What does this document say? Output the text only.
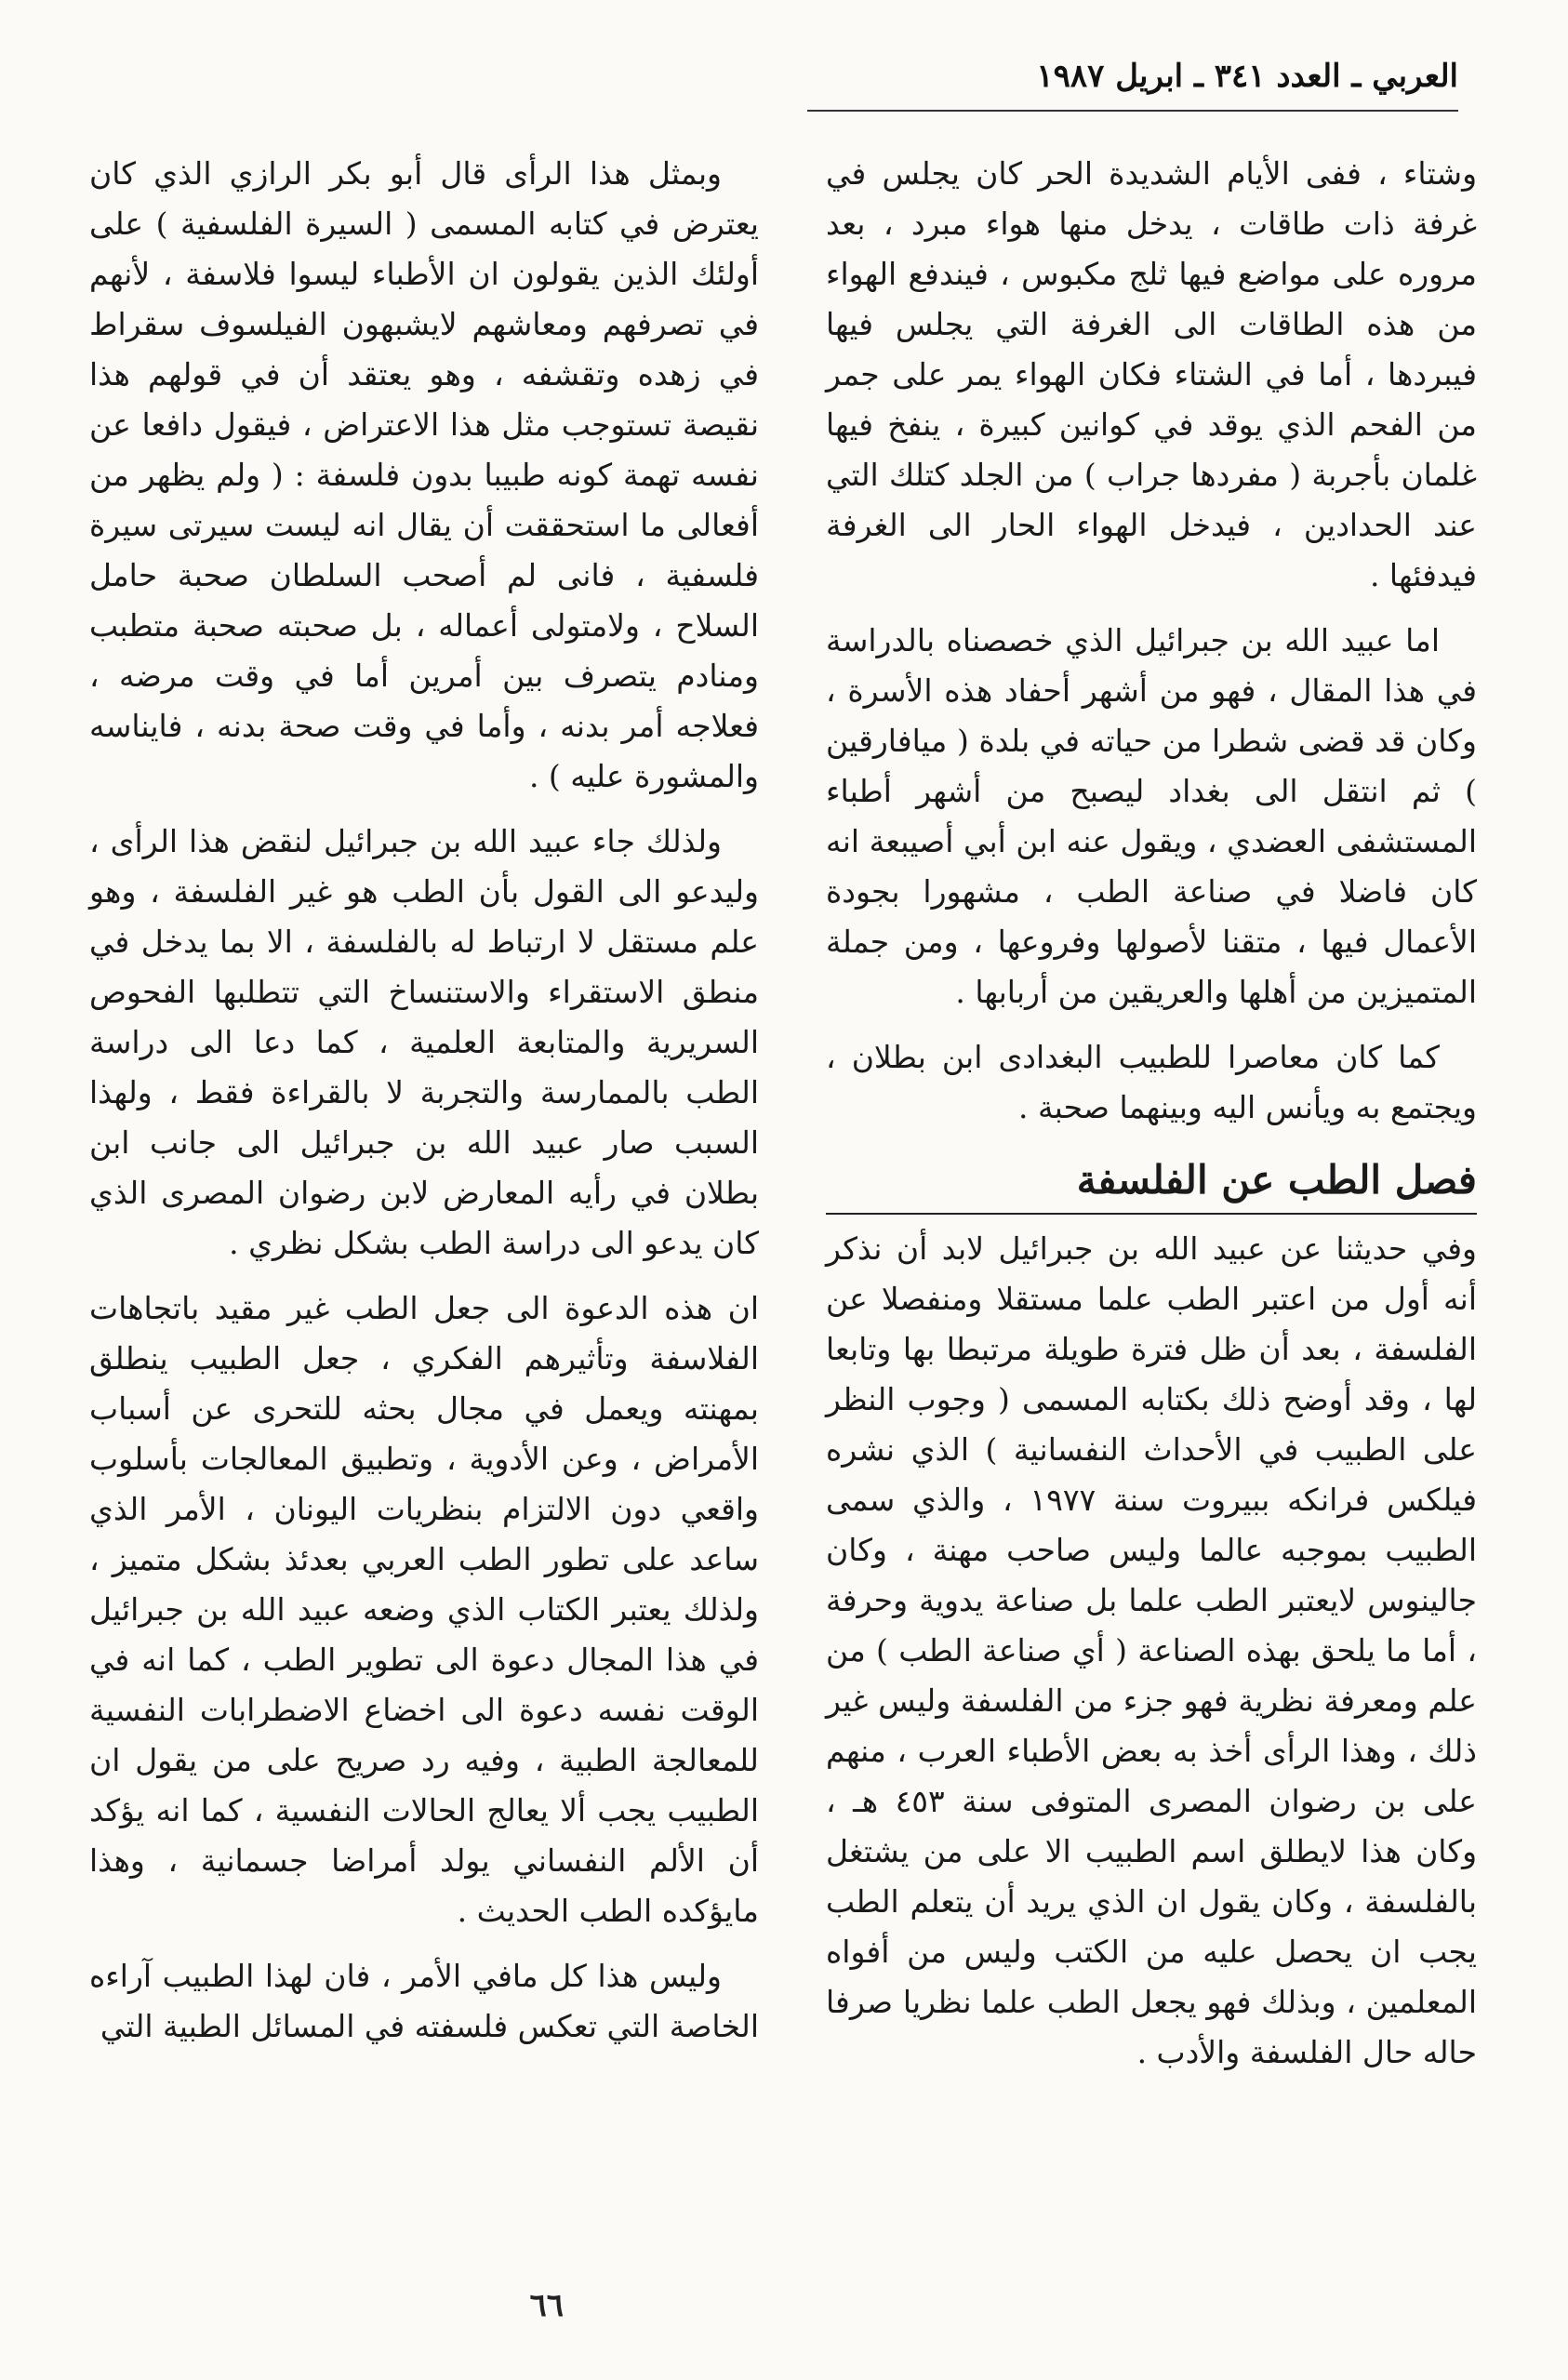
العربي ـ العدد ٣٤١ ـ ابريل ١٩٨٧

وشتاء ، ففى الأيام الشديدة الحر كان يجلس في غرفة ذات طاقات ، يدخل منها هواء مبرد ، بعد مروره على مواضع فيها ثلج مكبوس ، فيندفع الهواء من هذه الطاقات الى الغرفة التي يجلس فيها فيبردها ، أما في الشتاء فكان الهواء يمر على جمر من الفحم الذي يوقد في كوانين كبيرة ، ينفخ فيها غلمان بأجربة ( مفردها جراب ) من الجلد كتلك التي عند الحدادين ، فيدخل الهواء الحار الى الغرفة فيدفئها .

اما عبيد الله بن جبرائيل الذي خصصناه بالدراسة في هذا المقال ، فهو من أشهر أحفاد هذه الأسرة ، وكان قد قضى شطرا من حياته في بلدة ( ميافارقين ) ثم انتقل الى بغداد ليصبح من أشهر أطباء المستشفى العضدي ، ويقول عنه ابن أبي أصيبعة انه كان فاضلا في صناعة الطب ، مشهورا بجودة الأعمال فيها ، متقنا لأصولها وفروعها ، ومن جملة المتميزين من أهلها والعريقين من أربابها .

كما كان معاصرا للطبيب البغدادى ابن بطلان ، ويجتمع به ويأنس اليه وبينهما صحبة .

فصل الطب عن الفلسفة

وفي حديثنا عن عبيد الله بن جبرائيل لابد أن نذكر أنه أول من اعتبر الطب علما مستقلا ومنفصلا عن الفلسفة ، بعد أن ظل فترة طويلة مرتبطا بها وتابعا لها ، وقد أوضح ذلك بكتابه المسمى ( وجوب النظر على الطبيب في الأحداث النفسانية ) الذي نشره فيلكس فرانكه ببيروت سنة ١٩٧٧ ، والذي سمى الطبيب بموجبه عالما وليس صاحب مهنة ، وكان جالينوس لايعتبر الطب علما بل صناعة يدوية وحرفة ، أما ما يلحق بهذه الصناعة ( أي صناعة الطب ) من علم ومعرفة نظرية فهو جزء من الفلسفة وليس غير ذلك ، وهذا الرأى أخذ به بعض الأطباء العرب ، منهم على بن رضوان المصرى المتوفى سنة ٤٥٣ هـ ، وكان هذا لايطلق اسم الطبيب الا على من يشتغل بالفلسفة ، وكان يقول ان الذي يريد أن يتعلم الطب يجب ان يحصل عليه من الكتب وليس من أفواه المعلمين ، وبذلك فهو يجعل الطب علما نظريا صرفا حاله حال الفلسفة والأدب .

وبمثل هذا الرأى قال أبو بكر الرازي الذي كان يعترض في كتابه المسمى ( السيرة الفلسفية ) على أولئك الذين يقولون ان الأطباء ليسوا فلاسفة ، لأنهم في تصرفهم ومعاشهم لايشبهون الفيلسوف سقراط في زهده وتقشفه ، وهو يعتقد أن في قولهم هذا نقيصة تستوجب مثل هذا الاعتراض ، فيقول دافعا عن نفسه تهمة كونه طبيبا بدون فلسفة : ( ولم يظهر من أفعالى ما استحققت أن يقال انه ليست سيرتى سيرة فلسفية ، فانى لم أصحب السلطان صحبة حامل السلاح ، ولامتولى أعماله ، بل صحبته صحبة متطبب ومنادم يتصرف بين أمرين أما في وقت مرضه ، فعلاجه أمر بدنه ، وأما في وقت صحة بدنه ، فايناسه والمشورة عليه ) .

ولذلك جاء عبيد الله بن جبرائيل لنقض هذا الرأى ، وليدعو الى القول بأن الطب هو غير الفلسفة ، وهو علم مستقل لا ارتباط له بالفلسفة ، الا بما يدخل في منطق الاستقراء والاستنساخ التي تتطلبها الفحوص السريرية والمتابعة العلمية ، كما دعا الى دراسة الطب بالممارسة والتجربة لا بالقراءة فقط ، ولهذا السبب صار عبيد الله بن جبرائيل الى جانب ابن بطلان في رأيه المعارض لابن رضوان المصرى الذي كان يدعو الى دراسة الطب بشكل نظري .

ان هذه الدعوة الى جعل الطب غير مقيد باتجاهات الفلاسفة وتأثيرهم الفكري ، جعل الطبيب ينطلق بمهنته ويعمل في مجال بحثه للتحرى عن أسباب الأمراض ، وعن الأدوية ، وتطبيق المعالجات بأسلوب واقعي دون الالتزام بنظريات اليونان ، الأمر الذي ساعد على تطور الطب العربي بعدئذ بشكل متميز ، ولذلك يعتبر الكتاب الذي وضعه عبيد الله بن جبرائيل في هذا المجال دعوة الى تطوير الطب ، كما انه في الوقت نفسه دعوة الى اخضاع الاضطرابات النفسية للمعالجة الطبية ، وفيه رد صريح على من يقول ان الطبيب يجب ألا يعالج الحالات النفسية ، كما انه يؤكد أن الألم النفساني يولد أمراضا جسمانية ، وهذا مايؤكده الطب الحديث .

وليس هذا كل مافي الأمر ، فان لهذا الطبيب آراءه الخاصة التي تعكس فلسفته في المسائل الطبية التي

٦٦
